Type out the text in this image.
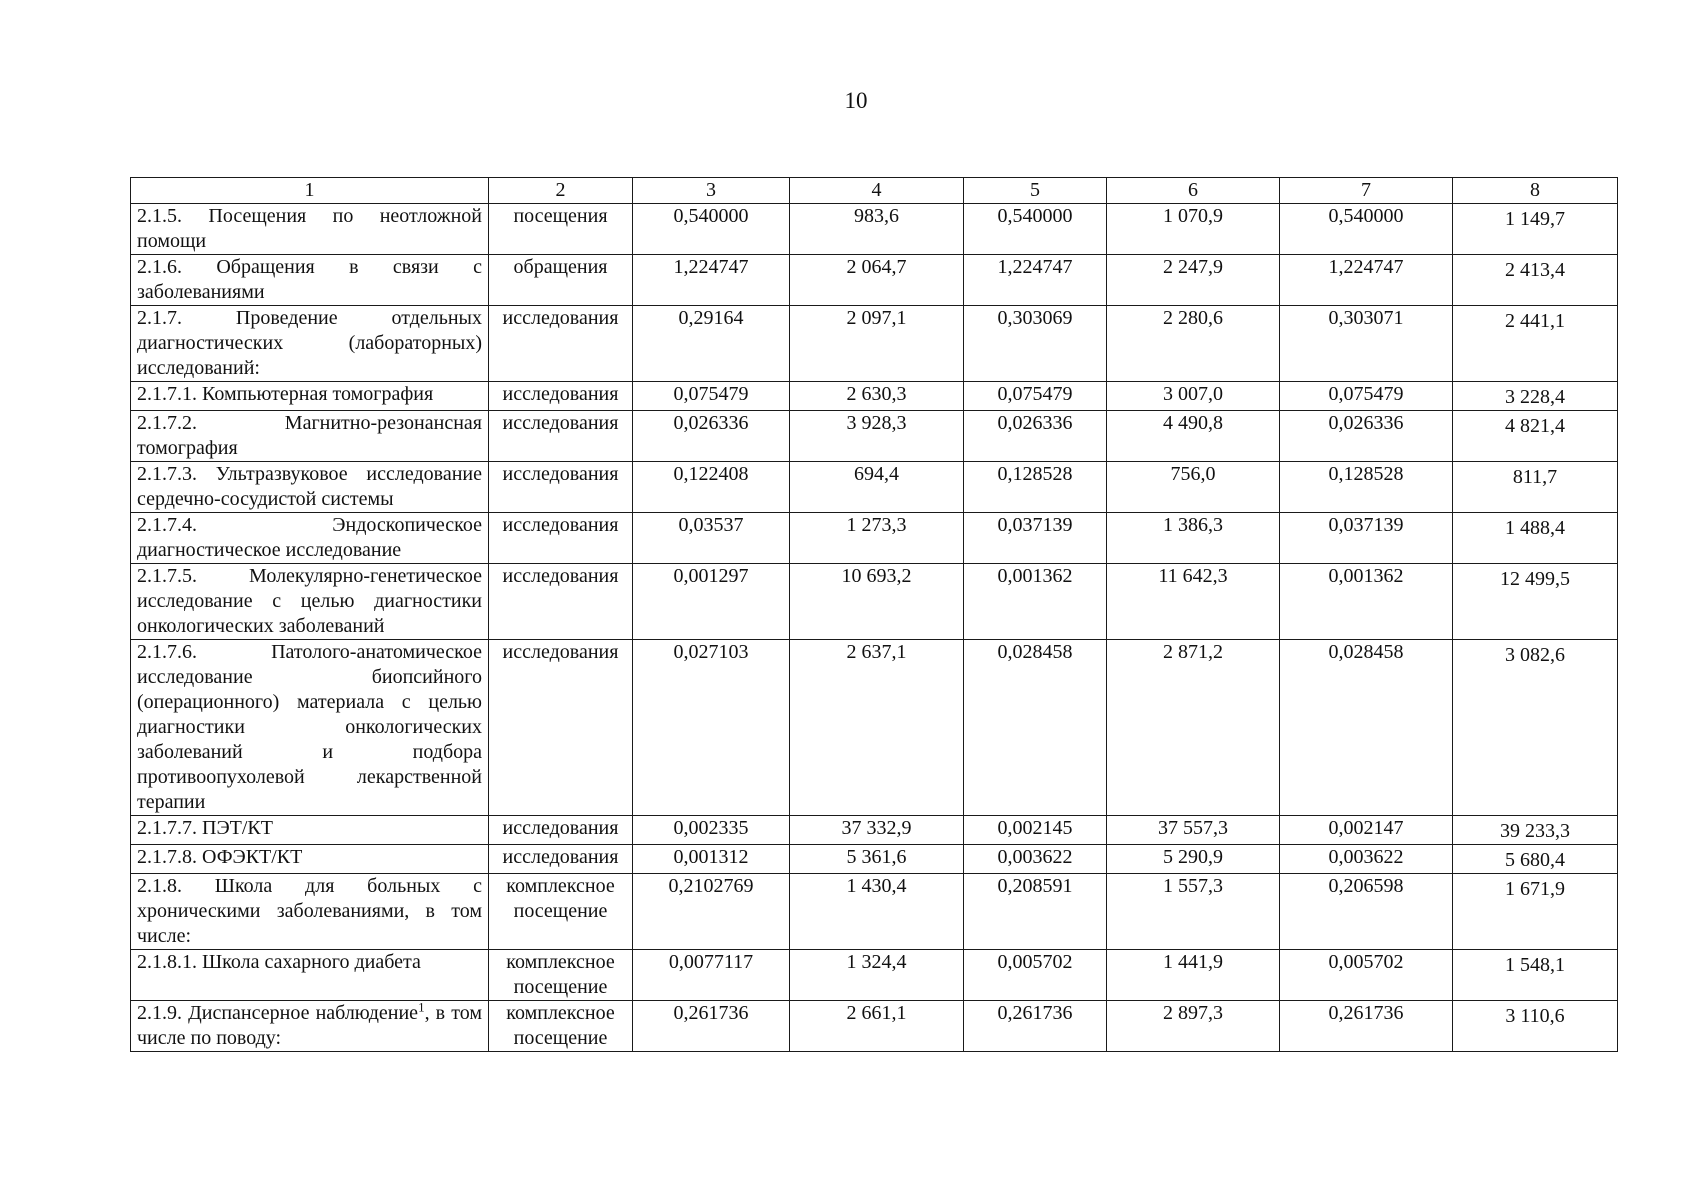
10
1	2	3	4	5	6	7	8
2.1.5. Посещения по неотложной помощи	посещения	0,540000	983,6	0,540000	1 070,9	0,540000	1 149,7
2.1.6. Обращения в связи с заболеваниями	обращения	1,224747	2 064,7	1,224747	2 247,9	1,224747	2 413,4
2.1.7. Проведение отдельных диагностических (лабораторных) исследований:	исследования	0,29164	2 097,1	0,303069	2 280,6	0,303071	2 441,1
2.1.7.1. Компьютерная томография	исследования	0,075479	2 630,3	0,075479	3 007,0	0,075479	3 228,4
2.1.7.2. Магнитно-резонансная томография	исследования	0,026336	3 928,3	0,026336	4 490,8	0,026336	4 821,4
2.1.7.3. Ультразвуковое исследование сердечно-сосудистой системы	исследования	0,122408	694,4	0,128528	756,0	0,128528	811,7
2.1.7.4. Эндоскопическое диагностическое исследование	исследования	0,03537	1 273,3	0,037139	1 386,3	0,037139	1 488,4
2.1.7.5. Молекулярно-генетическое исследование с целью диагностики онкологических заболеваний	исследования	0,001297	10 693,2	0,001362	11 642,3	0,001362	12 499,5
2.1.7.6. Патолого-анатомическое исследование биопсийного (операционного) материала с целью диагностики онкологических заболеваний и подбора противоопухолевой лекарственной терапии	исследования	0,027103	2 637,1	0,028458	2 871,2	0,028458	3 082,6
2.1.7.7. ПЭТ/КТ	исследования	0,002335	37 332,9	0,002145	37 557,3	0,002147	39 233,3
2.1.7.8. ОФЭКТ/КТ	исследования	0,001312	5 361,6	0,003622	5 290,9	0,003622	5 680,4
2.1.8. Школа для больных с хроническими заболеваниями, в том числе:	комплексное посещение	0,2102769	1 430,4	0,208591	1 557,3	0,206598	1 671,9
2.1.8.1. Школа сахарного диабета	комплексное посещение	0,0077117	1 324,4	0,005702	1 441,9	0,005702	1 548,1
2.1.9. Диспансерное наблюдение$^1$, в том числе по поводу:	комплексное посещение	0,261736	2 661,1	0,261736	2 897,3	0,261736	3 110,6
